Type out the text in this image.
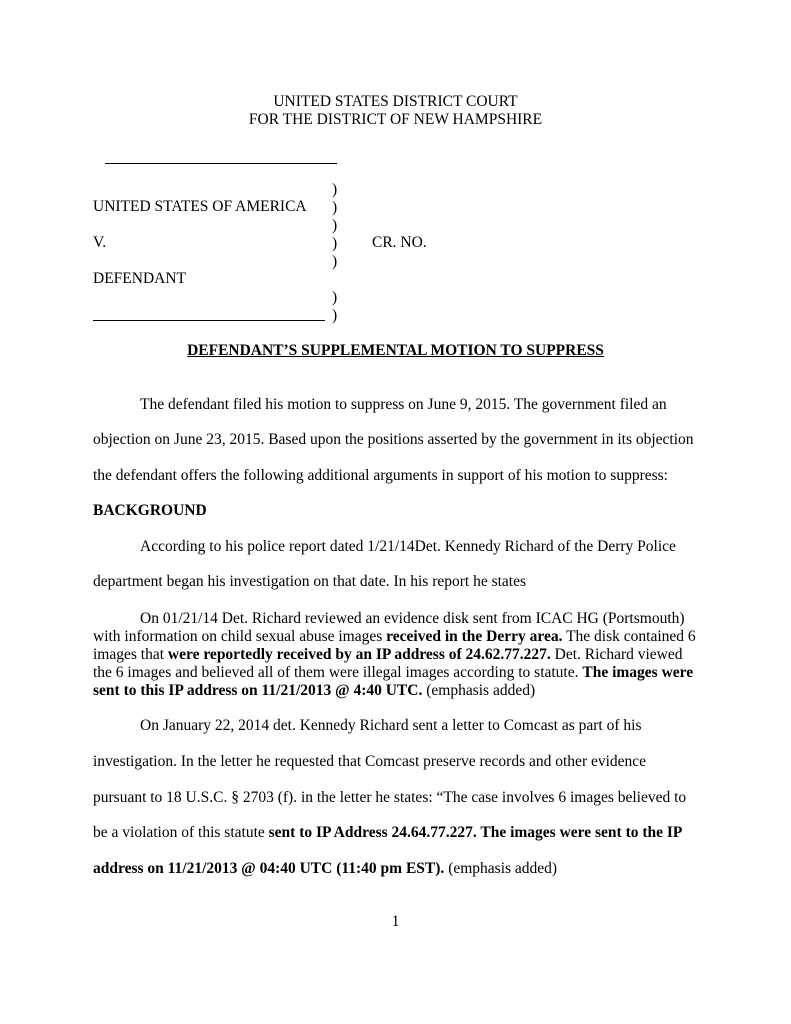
UNITED STATES DISTRICT COURT
FOR THE DISTRICT OF NEW HAMPSHIRE
)
UNITED STATES OF AMERICA )
)
V.	) CR. NO.
)
DEFENDANT
)
)
DEFENDANT’S SUPPLEMENTAL MOTION TO SUPPRESS
The defendant filed his motion to suppress on June 9, 2015. The government filed an
objection on June 23, 2015. Based upon the positions asserted by the government in its objection
the defendant offers the following additional arguments in support of his motion to suppress:
BACKGROUND
According to his police report dated 1/21/14Det. Kennedy Richard of the Derry Police
department began his investigation on that date. In his report he states
On 01/21/14 Det. Richard reviewed an evidence disk sent from ICAC HG (Portsmouth)
with information on child sexual abuse images received in the Derry area. The disk contained 6
images that were reportedly received by an IP address of 24.62.77.227. Det. Richard viewed
the 6 images and believed all of them were illegal images according to statute. The images were
sent to this IP address on 11/21/2013 @ 4:40 UTC. (emphasis added)
On January 22, 2014 det. Kennedy Richard sent a letter to Comcast as part of his
investigation. In the letter he requested that Comcast preserve records and other evidence
pursuant to 18 U.S.C. § 2703 (f). in the letter he states: “The case involves 6 images believed to
be a violation of this statute sent to IP Address 24.64.77.227. The images were sent to the IP
address on 11/21/2013 @ 04:40 UTC (11:40 pm EST). (emphasis added)
1
